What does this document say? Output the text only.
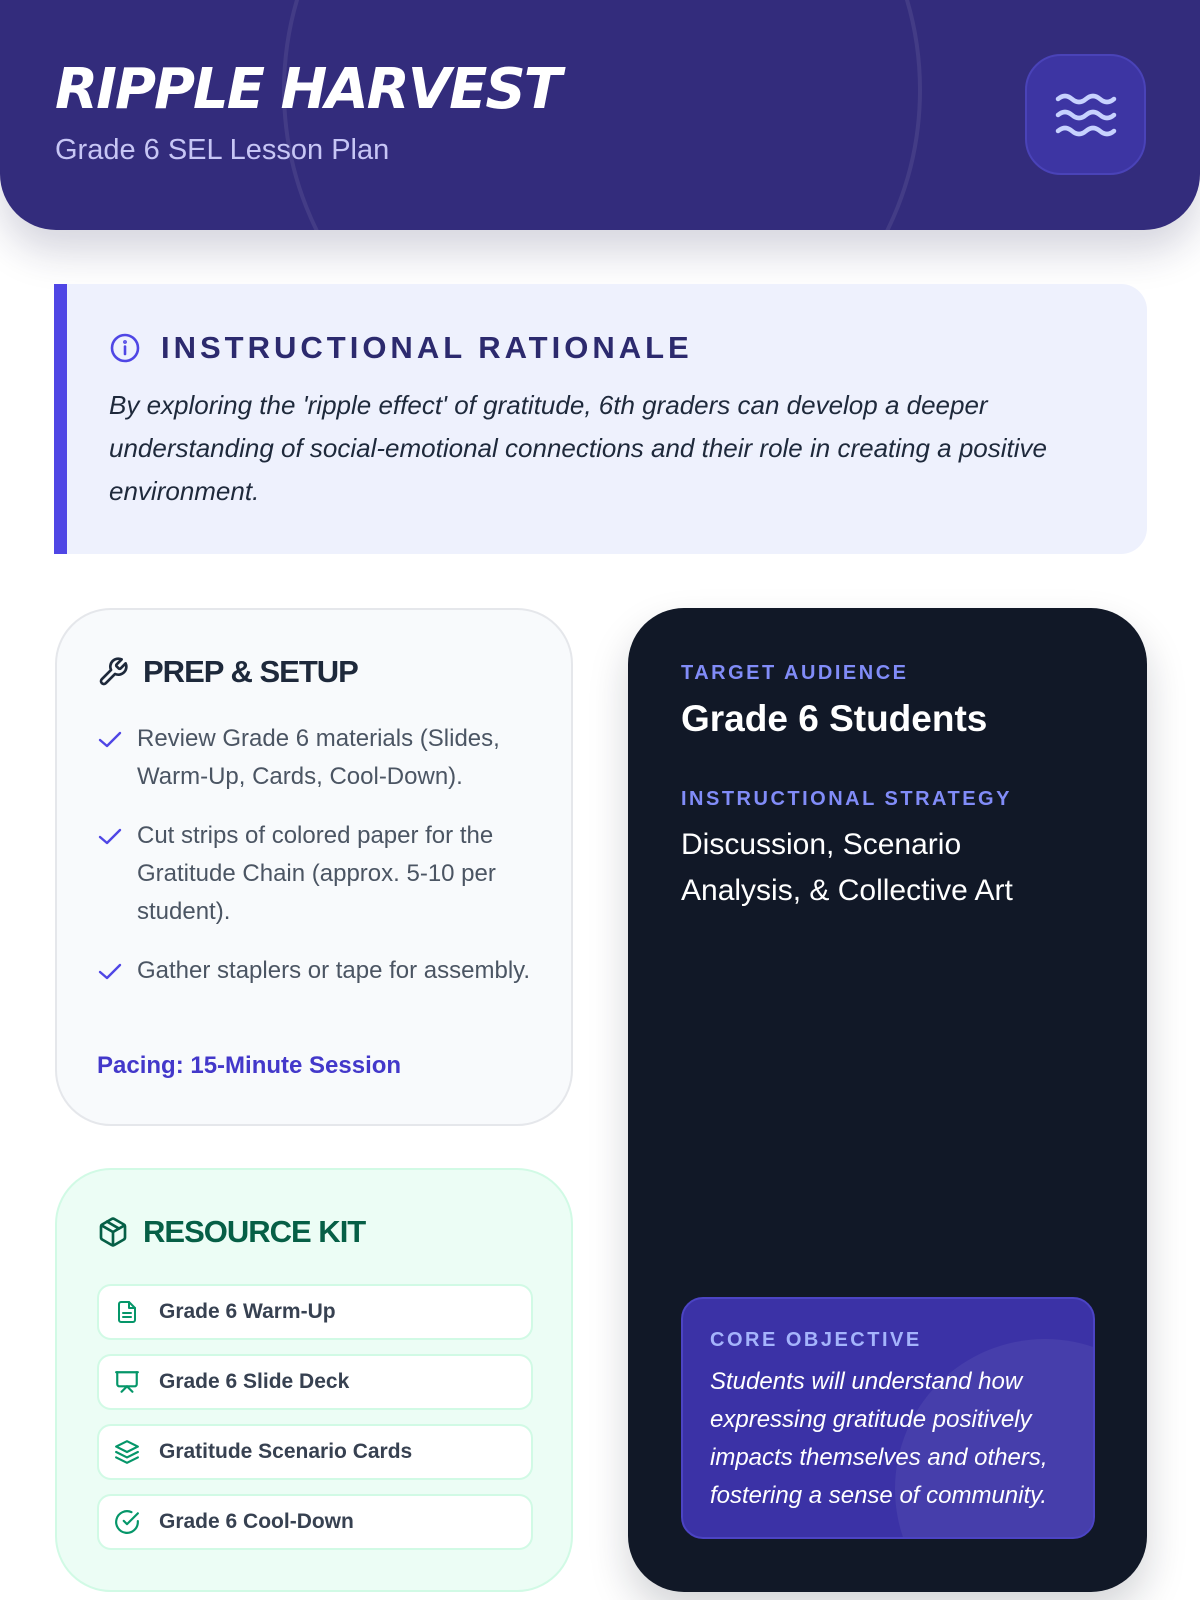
RIPPLE HARVEST
Grade 6 SEL Lesson Plan
INSTRUCTIONAL RATIONALE

By exploring the 'ripple effect' of gratitude, 6th graders can develop a deeper understanding of social-emotional connections and their role in creating a positive environment.

PREP & SETUP
Review Grade 6 materials (Slides, Warm-Up, Cards, Cool-Down).
Cut strips of colored paper for the Gratitude Chain (approx. 5-10 per student).
Gather staplers or tape for assembly.
Pacing: 15-Minute Session
RESOURCE KIT
Grade 6 Warm-Up
Grade 6 Slide Deck
Gratitude Scenario Cards
Grade 6 Cool-Down
TARGET AUDIENCE
Grade 6 Students
INSTRUCTIONAL STRATEGY
Discussion, Scenario Analysis, & Collective Art
CORE OBJECTIVE

Students will understand how expressing gratitude positively impacts themselves and others, fostering a sense of community.
